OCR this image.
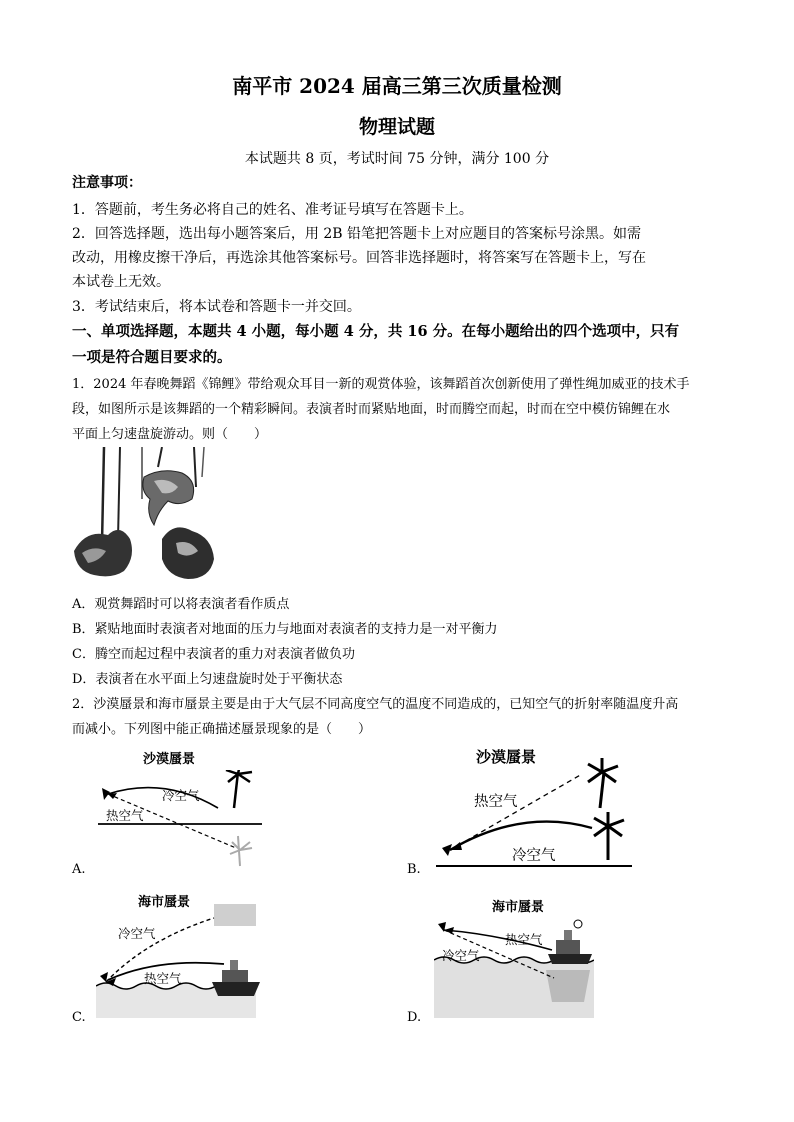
南平市 2024 届高三第三次质量检测
物理试题
本试题共 8 页，考试时间 75 分钟，满分 100 分
注意事项：
1．答题前，考生务必将自己的姓名、准考证号填写在答题卡上。
2．回答选择题，选出每小题答案后，用 2B 铅笔把答题卡上对应题目的答案标号涂黑。如需
改动，用橡皮擦干净后，再选涂其他答案标号。回答非选择题时，将答案写在答题卡上，写在
本试卷上无效。
3．考试结束后，将本试卷和答题卡一并交回。
一、单项选择题，本题共 4 小题，每小题 4 分，共 16 分。在每小题给出的四个选项中，只有
一项是符合题目要求的。
1．2024 年春晚舞蹈《锦鲤》带给观众耳目一新的观赏体验，该舞蹈首次创新使用了弹性绳加威亚的技术手
段，如图所示是该舞蹈的一个精彩瞬间。表演者时而紧贴地面，时而腾空而起，时而在空中模仿锦鲤在水
平面上匀速盘旋游动。则（　　）
A．观赏舞蹈时可以将表演者看作质点
B．紧贴地面时表演者对地面的压力与地面对表演者的支持力是一对平衡力
C．腾空而起过程中表演者的重力对表演者做负功
D．表演者在水平面上匀速盘旋时处于平衡状态
2．沙漠蜃景和海市蜃景主要是由于大气层不同高度空气的温度不同造成的，已知空气的折射率随温度升高
而减小。下列图中能正确描述蜃景现象的是（　　）
沙漠蜃景
冷空气
热空气
A.
沙漠蜃景
热空气
冷空气
B.
海市蜃景
冷空气
热空气
C.
海市蜃景
热空气
冷空气
D.
